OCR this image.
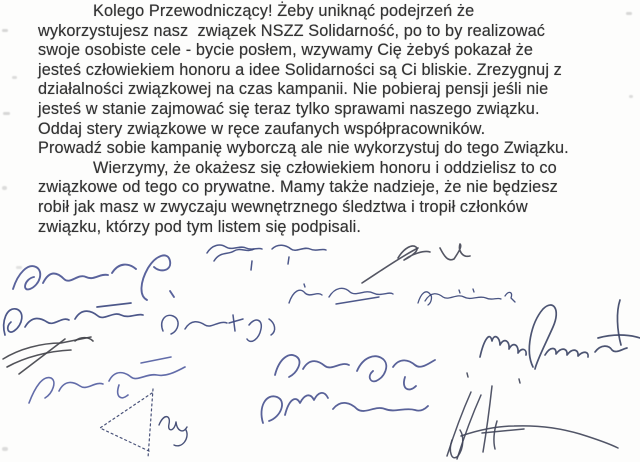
Kolego Przewodniczący! Żeby uniknąć podejrzeń że
wykorzystujesz nasz  związek NSZZ Solidarność, po to by realizować
swoje osobiste cele - bycie posłem, wzywamy Cię żebyś pokazał że
jesteś człowiekiem honoru a idee Solidarności są Ci bliskie. Zrezygnuj z
działalności związkowej na czas kampanii. Nie pobieraj pensji jeśli nie
jesteś w stanie zajmować się teraz tylko sprawami naszego związku.
Oddaj stery związkowe w ręce zaufanych współpracowników.
Prowadź sobie kampanię wyborczą ale nie wykorzystuj do tego Związku.
Wierzymy, że okażesz się człowiekiem honoru i oddzielisz to co
związkowe od tego co prywatne. Mamy także nadzieje, że nie będziesz
robił jak masz w zwyczaju wewnętrznego śledztwa i tropił członków
związku, którzy pod tym listem się podpisali.
